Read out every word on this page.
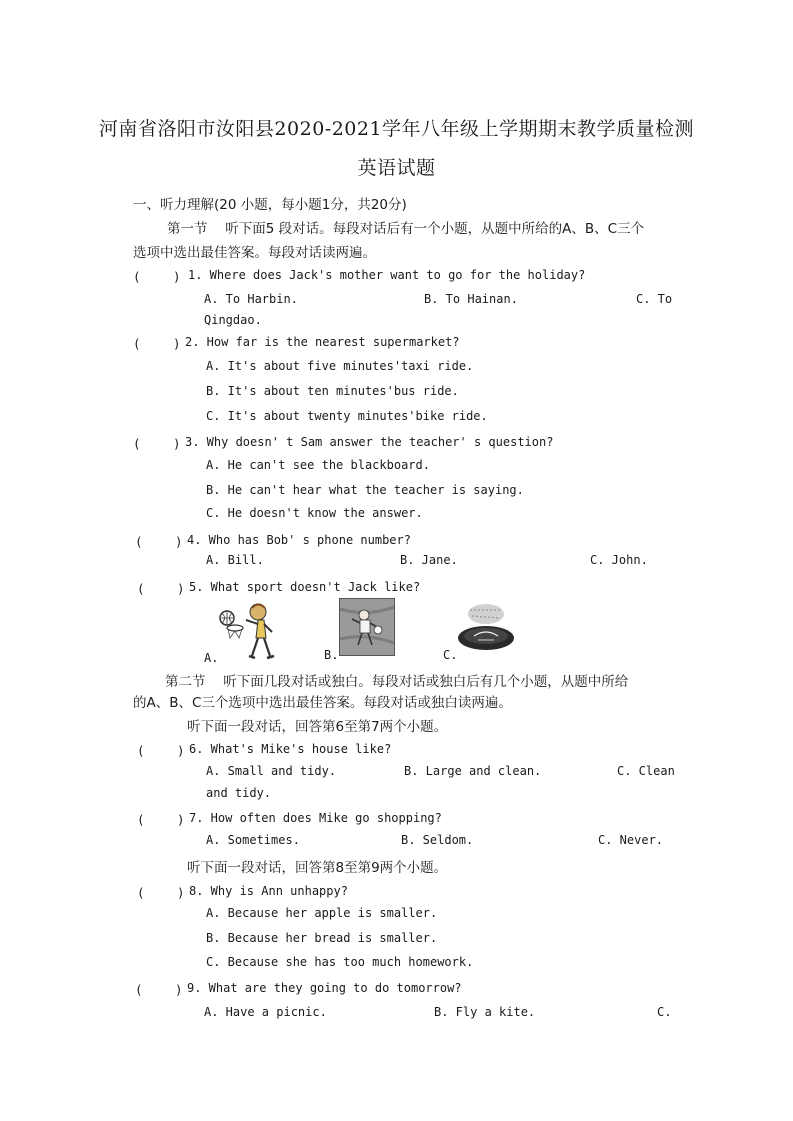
河南省洛阳市汝阳县2020-2021学年八年级上学期期末教学质量检测
英语试题
一、听力理解(20 小题，每小题1分，共20分)
第一节　 听下面5 段对话。每段对话后有一个小题，从题中所给的A、B、C三个
选项中选出最佳答案。每段对话读两遍。
(　　 ) 1. Where does Jack's mother want to go for the holiday?
A. To Harbin.	B. To Hainan.	C. To
Qingdao.
(　　 ) 2. How far is the nearest supermarket?
A. It's about five minutes'taxi ride.
B. It's about ten minutes'bus ride.
C. It's about twenty minutes'bike ride.
(　　 ) 3. Why doesn' t Sam answer the teacher' s question?
A. He can't see the blackboard.
B. He can't hear what the teacher is saying.
C. He doesn't know the answer.
(　　 ) 4. Who has Bob' s phone number?
A. Bill.	B. Jane.	C. John.
(　　 ) 5. What sport doesn't Jack like?
A.	B.	C.
第二节　 听下面几段对话或独白。每段对话或独白后有几个小题，从题中所给
的A、B、C三个选项中选出最佳答案。每段对话或独白读两遍。
听下面一段对话，回答第6至第7两个小题。
(　　 ) 6. What's Mike's house like?
A. Small and tidy.	B. Large and clean.	C. Clean
and tidy.
(　　 ) 7. How often does Mike go shopping?
A. Sometimes.	B. Seldom.	C. Never.
听下面一段对话，回答第8至第9两个小题。
(　　 ) 8. Why is Ann unhappy?
A. Because her apple is smaller.
B. Because her bread is smaller.
C. Because she has too much homework.
(　　 ) 9. What are they going to do tomorrow?
A. Have a picnic.	B. Fly a kite.	C.
